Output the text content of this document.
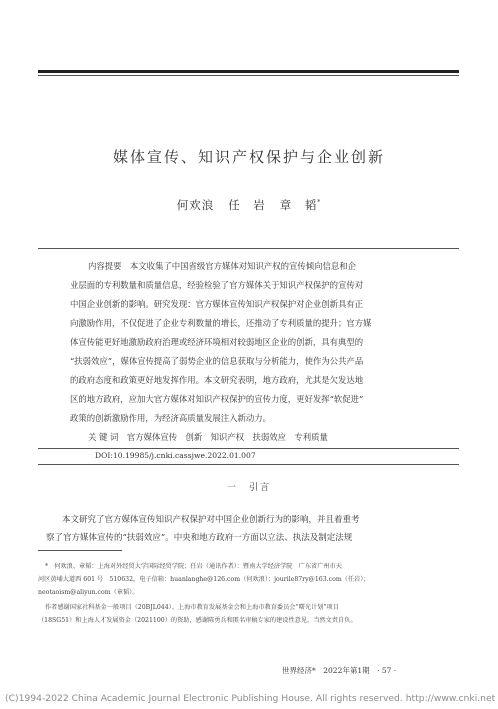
媒体宣传、知识产权保护与企业创新
何欢浪 任　岩 章　韬*
内容提要　本文收集了中国省级官方媒体对知识产权的宣传倾向信息和企
业层面的专利数量和质量信息，经验检验了官方媒体关于知识产权保护的宣传对
中国企业创新的影响。研究发现：官方媒体宣传知识产权保护对企业创新具有正
向激励作用，不仅促进了企业专利数量的增长，还推动了专利质量的提升；官方媒
体宣传能更好地激励政府治理或经济环境相对较弱地区企业的创新，具有典型的
“扶弱效应”，媒体宣传提高了弱势企业的信息获取与分析能力，使作为公共产品
的政府态度和政策更好地发挥作用。本文研究表明，地方政府，尤其是欠发达地
区的地方政府，应加大官方媒体对知识产权保护的宣传力度，更好发挥“软促进”
政策的创新激励作用，为经济高质量发展注入新动力。
关 键 词　官方媒体宣传　创新　知识产权　扶弱效应　专利质量
DOI:10.19985/j.cnki.cassjwe.2022.01.007
一　引言
本文研究了官方媒体宣传知识产权保护对中国企业创新行为的影响，并且着重考
察了官方媒体宣传的“扶弱效应”。中央和地方政府一方面以立法、执法及制定法规
*　何欢浪、章韬：上海对外经贸大学国际经贸学院；任岩（通讯作者）：暨南大学经济学院　广东省广州市天
河区黄埔大道西 601 号　510632。电子信箱：huanlanghe@126.com（何欢浪）；jourile87ry@163.com（任岩）；
neotaoism@aliyun.com（章韬）。
作者感谢国家社科基金一般项目（20BJL044）、上海市教育发展基金会和上海市教育委员会“曙光计划”项目
（18SG51）和上海人才发展资金（2021100）的资助，感谢陈勇兵和匿名审稿专家的建设性意见，当然文责自负。
世界经济*　2022年第1期　· 57 ·
(C)1994-2022 China Academic Journal Electronic Publishing House. All rights reserved. http://www.cnki.net
